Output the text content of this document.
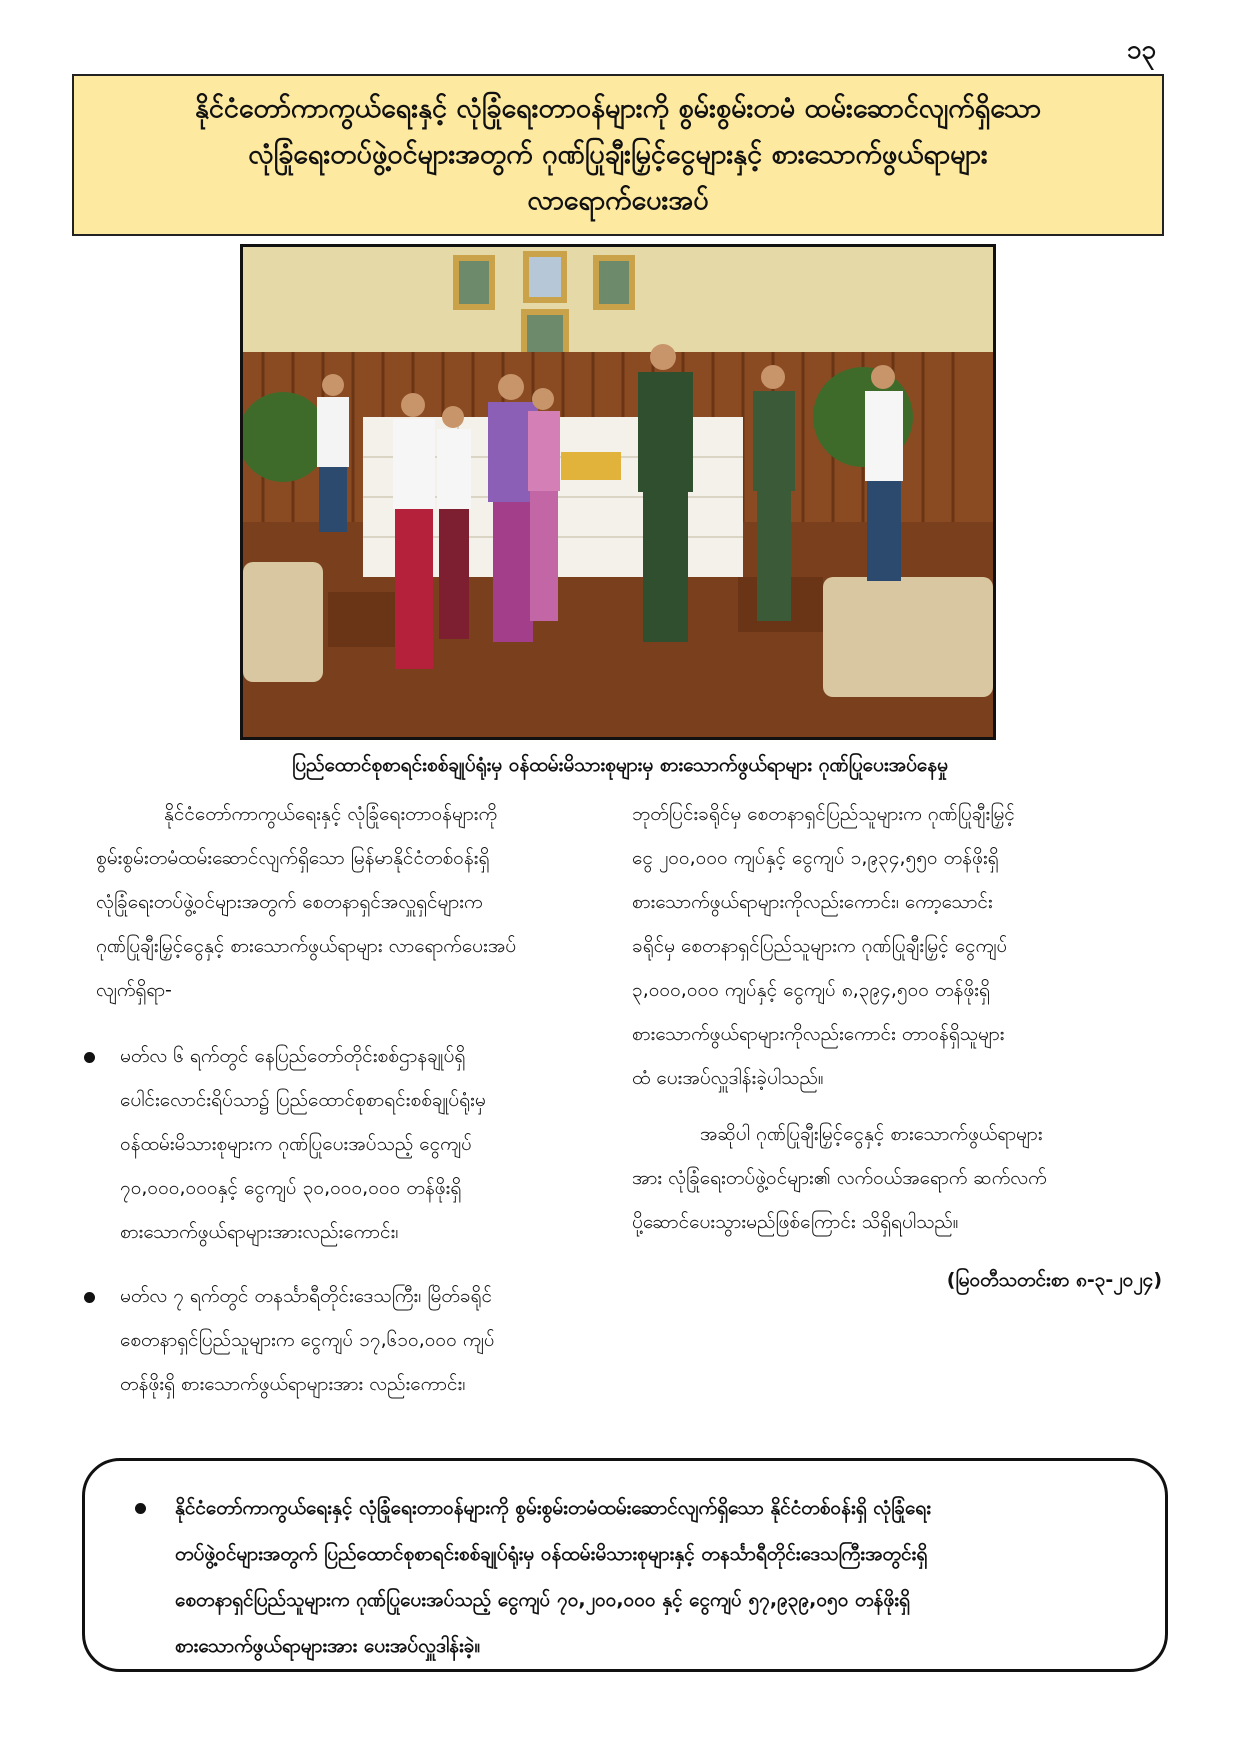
၁၃
နိုင်ငံတော်ကာကွယ်ရေးနှင့် လုံခြုံရေးတာဝန်များကို စွမ်းစွမ်းတမံ ထမ်းဆောင်လျက်ရှိသော
လုံခြုံရေးတပ်ဖွဲ့ဝင်များအတွက် ဂုဏ်ပြုချီးမြှင့်ငွေများနှင့် စားသောက်ဖွယ်ရာများ
လာရောက်ပေးအပ်
ပြည်ထောင်စုစာရင်းစစ်ချုပ်ရုံးမှ ဝန်ထမ်းမိသားစုများမှ စားသောက်ဖွယ်ရာများ ဂုဏ်ပြုပေးအပ်နေမှု

နိုင်ငံတော်ကာကွယ်ရေးနှင့် လုံခြုံရေးတာဝန်များကို
စွမ်းစွမ်းတမံထမ်းဆောင်လျက်ရှိသော မြန်မာနိုင်ငံတစ်ဝန်းရှိ
လုံခြုံရေးတပ်ဖွဲ့ဝင်များအတွက် စေတနာရှင်အလှူရှင်များက
ဂုဏ်ပြုချီးမြှင့်ငွေနှင့် စားသောက်ဖွယ်ရာများ လာရောက်ပေးအပ်
လျက်ရှိရာ-

မတ်လ ၆ ရက်တွင် နေပြည်တော်တိုင်းစစ်ဌာနချုပ်ရှိ
ပေါင်းလောင်းရိပ်သာ၌ ပြည်ထောင်စုစာရင်းစစ်ချုပ်ရုံးမှ
ဝန်ထမ်းမိသားစုများက ဂုဏ်ပြုပေးအပ်သည့် ငွေကျပ်
၇၀,၀၀၀,၀၀၀နှင့် ငွေကျပ် ၃၀,၀၀၀,၀၀၀ တန်ဖိုးရှိ
စားသောက်ဖွယ်ရာများအားလည်းကောင်း၊
မတ်လ ၇ ရက်တွင် တနင်္သာရီတိုင်းဒေသကြီး၊ မြိတ်ခရိုင်
စေတနာရှင်ပြည်သူများက ငွေကျပ် ၁၇,၆၁၀,၀၀၀ ကျပ်
တန်ဖိုးရှိ စားသောက်ဖွယ်ရာများအား လည်းကောင်း၊

ဘုတ်ပြင်းခရိုင်မှ စေတနာရှင်ပြည်သူများက ဂုဏ်ပြုချီးမြှင့်
ငွေ ၂၀၀,၀၀၀ ကျပ်နှင့် ငွေကျပ် ၁,၉၃၄,၅၅၀ တန်ဖိုးရှိ
စားသောက်ဖွယ်ရာများကိုလည်းကောင်း၊ ကော့သောင်း
ခရိုင်မှ စေတနာရှင်ပြည်သူများက ဂုဏ်ပြုချီးမြှင့် ငွေကျပ်
၃,၀၀၀,၀၀၀ ကျပ်နှင့် ငွေကျပ် ၈,၃၉၄,၅၀၀ တန်ဖိုးရှိ
စားသောက်ဖွယ်ရာများကိုလည်းကောင်း တာဝန်ရှိသူများ
ထံ ပေးအပ်လှူဒါန်းခဲ့ပါသည်။

အဆိုပါ ဂုဏ်ပြုချီးမြှင့်ငွေနှင့် စားသောက်ဖွယ်ရာများ
အား လုံခြုံရေးတပ်ဖွဲ့ဝင်များ၏ လက်ဝယ်အရောက် ဆက်လက်
ပို့ဆောင်ပေးသွားမည်ဖြစ်ကြောင်း သိရှိရပါသည်။

(မြဝတီသတင်းစာ ၈-၃-၂၀၂၄)
နိုင်ငံတော်ကာကွယ်ရေးနှင့် လုံခြုံရေးတာဝန်များကို စွမ်းစွမ်းတမံထမ်းဆောင်လျက်ရှိသော နိုင်ငံတစ်ဝန်းရှိ လုံခြုံရေး
တပ်ဖွဲ့ဝင်များအတွက် ပြည်ထောင်စုစာရင်းစစ်ချုပ်ရုံးမှ ဝန်ထမ်းမိသားစုများနှင့် တနင်္သာရီတိုင်းဒေသကြီးအတွင်းရှိ
စေတနာရှင်ပြည်သူများက ဂုဏ်ပြုပေးအပ်သည့် ငွေကျပ် ၇၀,၂၀၀,၀၀၀ နှင့် ငွေကျပ် ၅၇,၉၃၉,၀၅၀ တန်ဖိုးရှိ
စားသောက်ဖွယ်ရာများအား ပေးအပ်လှူဒါန်းခဲ့။
